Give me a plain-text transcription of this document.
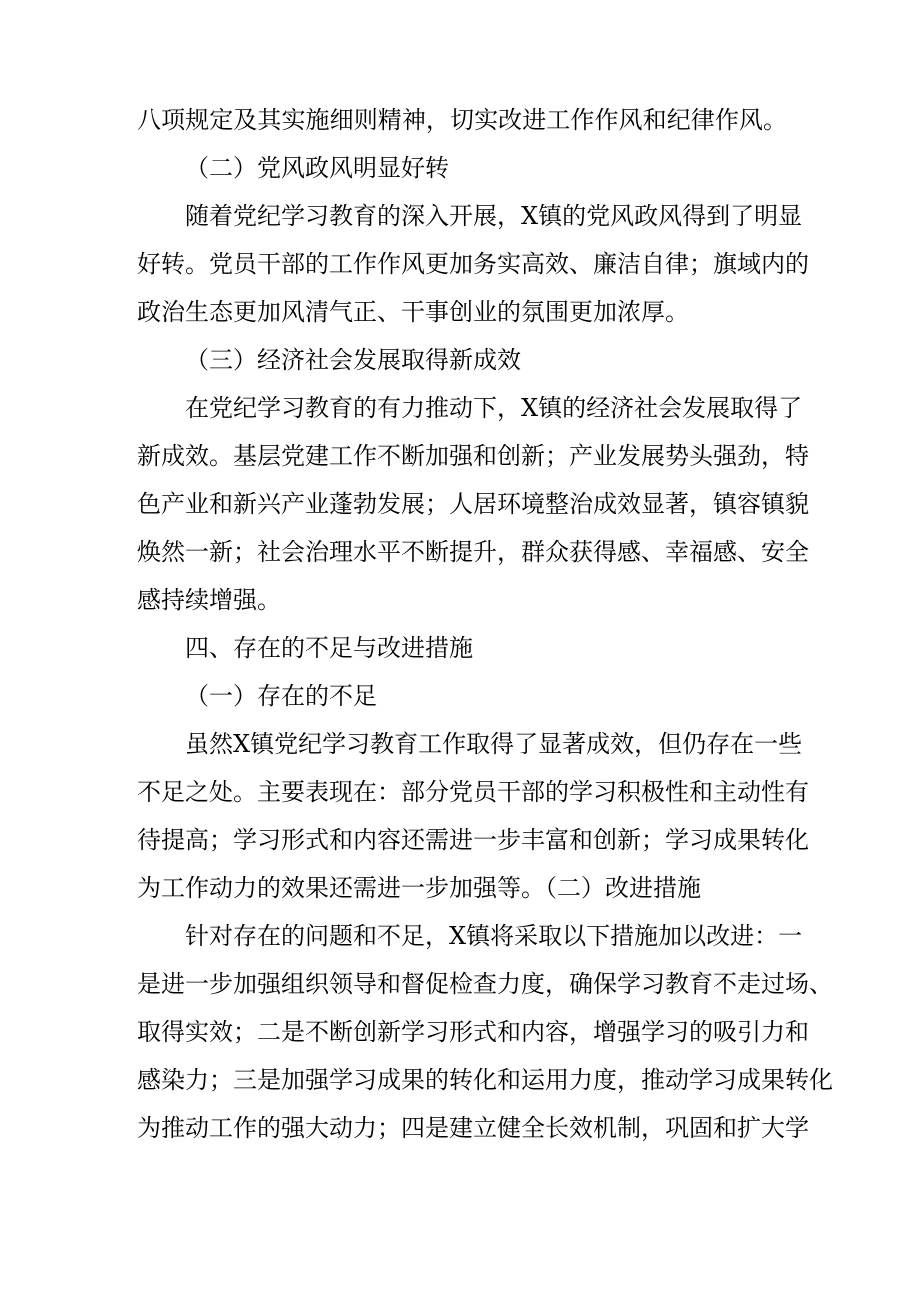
八项规定及其实施细则精神，切实改进工作作风和纪律作风。
（二）党风政风明显好转
随着党纪学习教育的深入开展，X镇的党风政风得到了明显
好转。党员干部的工作作风更加务实高效、廉洁自律；旗域内的
政治生态更加风清气正、干事创业的氛围更加浓厚。
（三）经济社会发展取得新成效
在党纪学习教育的有力推动下，X镇的经济社会发展取得了
新成效。基层党建工作不断加强和创新；产业发展势头强劲，特
色产业和新兴产业蓬勃发展；人居环境整治成效显著，镇容镇貌
焕然一新；社会治理水平不断提升，群众获得感、幸福感、安全
感持续增强。
四、存在的不足与改进措施
（一）存在的不足
虽然X镇党纪学习教育工作取得了显著成效，但仍存在一些
不足之处。主要表现在：部分党员干部的学习积极性和主动性有
待提高；学习形式和内容还需进一步丰富和创新；学习成果转化
为工作动力的效果还需进一步加强等。（二）改进措施
针对存在的问题和不足，X镇将采取以下措施加以改进：一
是进一步加强组织领导和督促检查力度，确保学习教育不走过场、
取得实效；二是不断创新学习形式和内容，增强学习的吸引力和
感染力；三是加强学习成果的转化和运用力度，推动学习成果转化
为推动工作的强大动力；四是建立健全长效机制，巩固和扩大学
